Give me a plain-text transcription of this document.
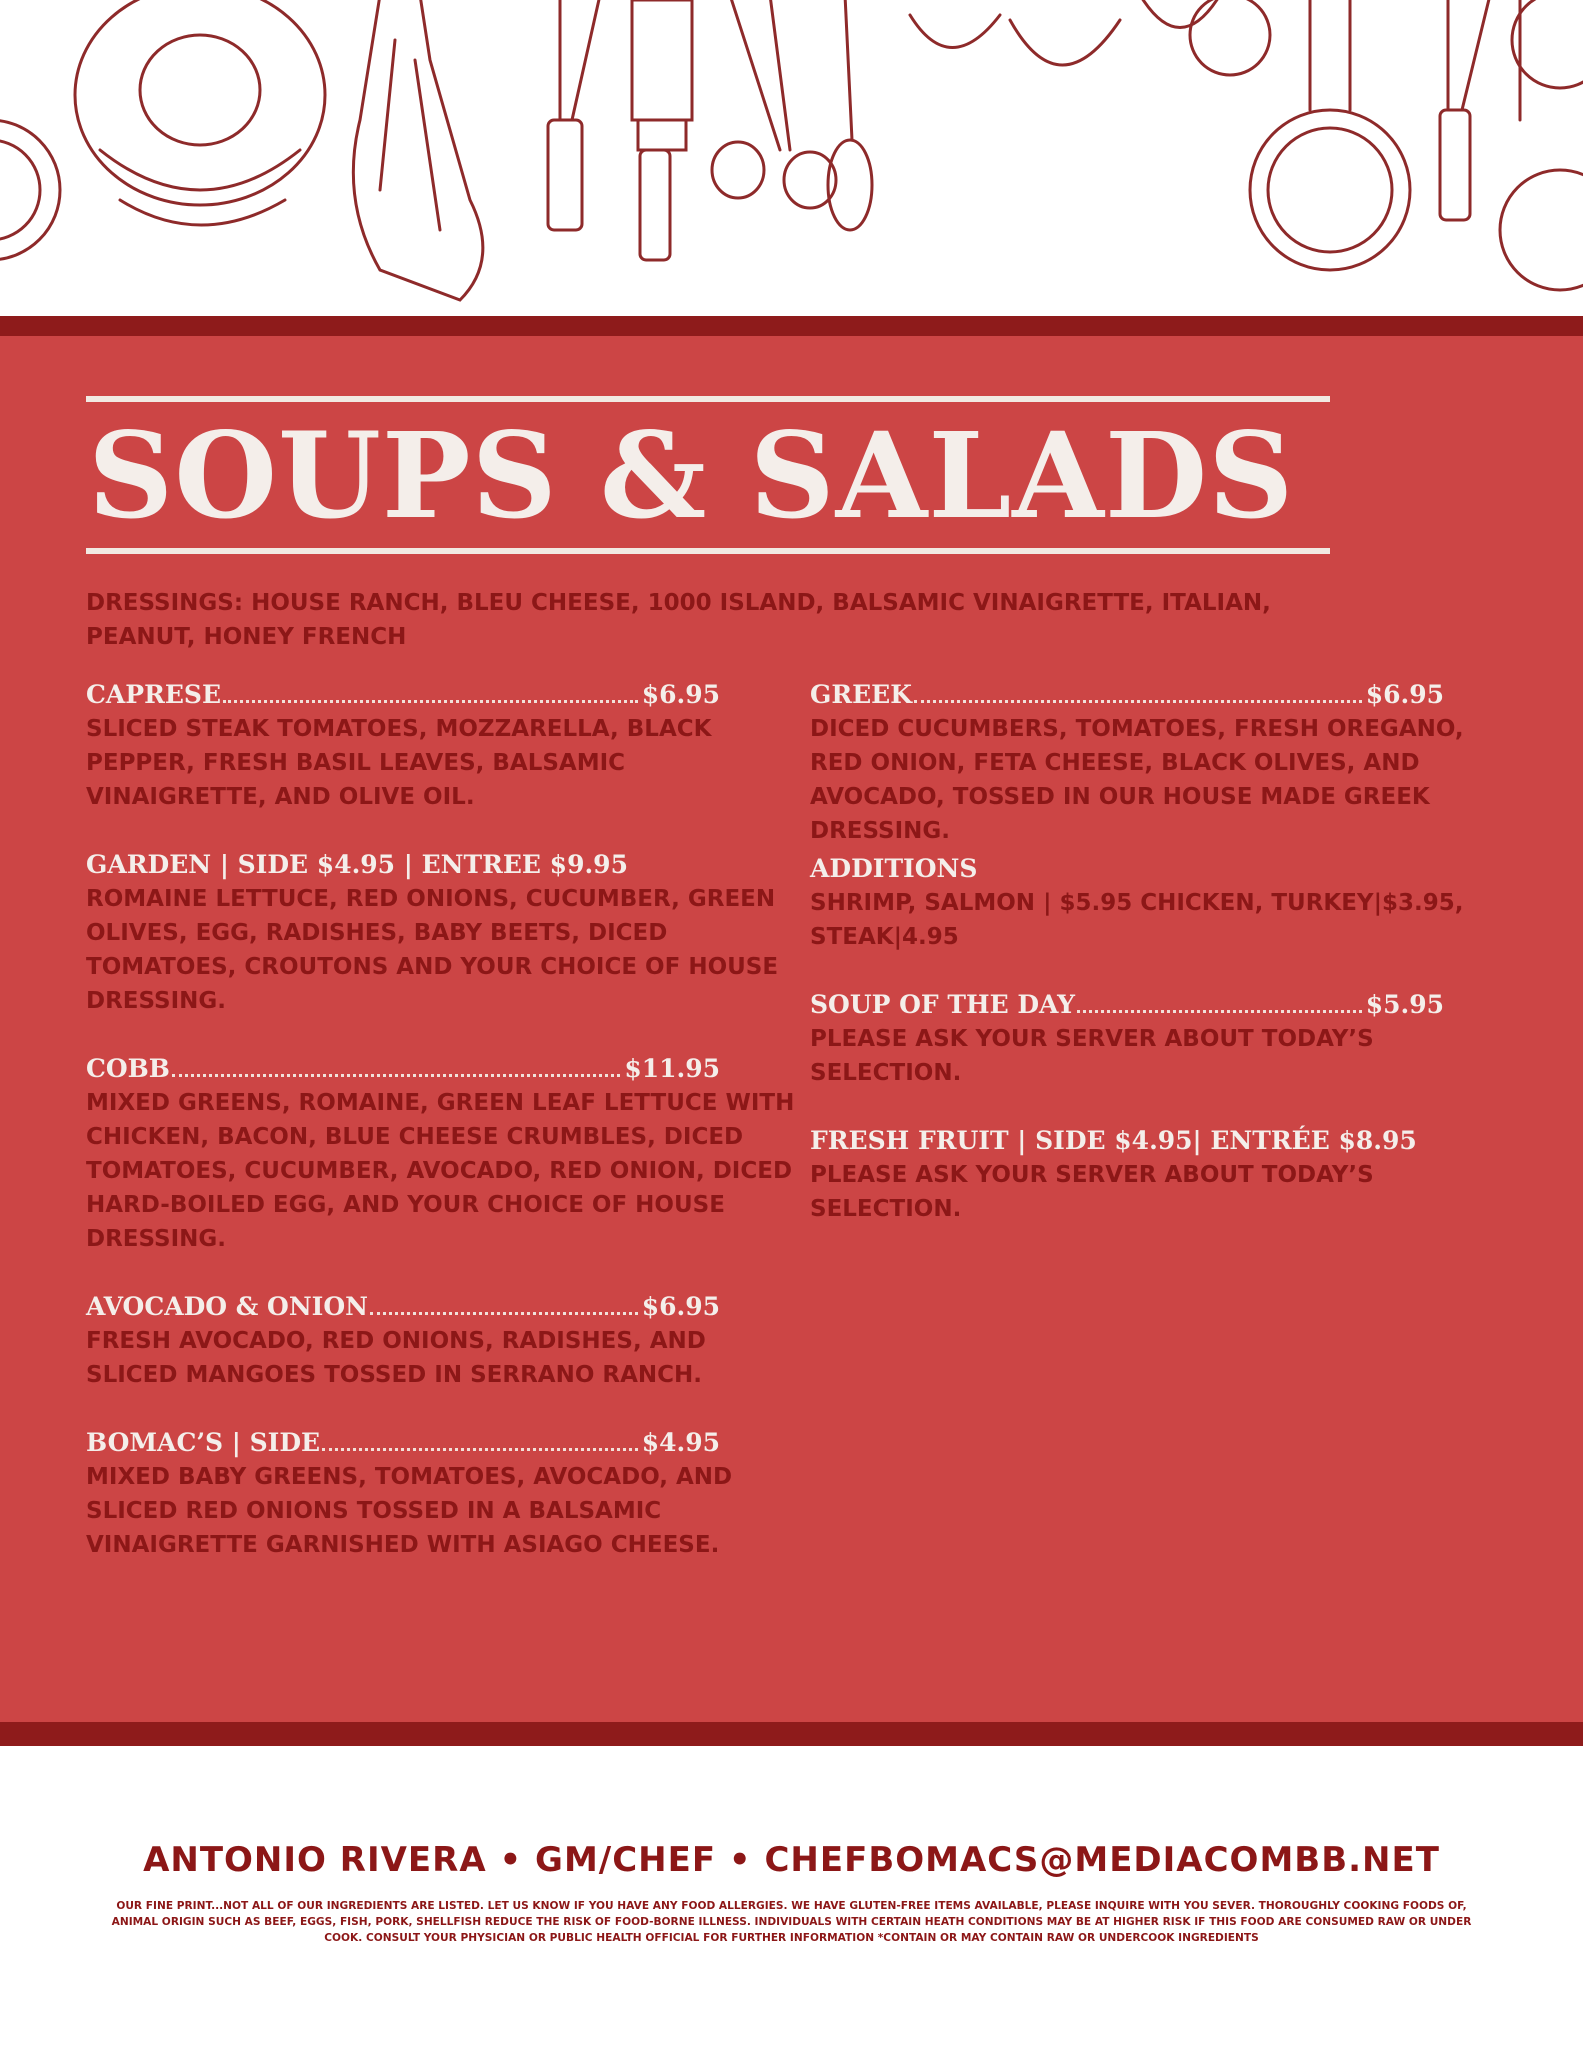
SOUPS & SALADS
DRESSINGS: HOUSE RANCH, BLEU CHEESE, 1000 ISLAND, BALSAMIC VINAIGRETTE, ITALIAN, PEANUT, HONEY FRENCH
CAPRESE	$6.95
SLICED STEAK TOMATOES, MOZZARELLA, BLACK PEPPER, FRESH BASIL LEAVES, BALSAMIC VINAIGRETTE, AND OLIVE OIL.
GARDEN | SIDE $4.95 | ENTREE $9.95
ROMAINE LETTUCE, RED ONIONS, CUCUMBER, GREEN OLIVES, EGG, RADISHES, BABY BEETS, DICED TOMATOES, CROUTONS AND YOUR CHOICE OF HOUSE DRESSING.
COBB	$11.95
MIXED GREENS, ROMAINE, GREEN LEAF LETTUCE WITH CHICKEN, BACON, BLUE CHEESE CRUMBLES, DICED TOMATOES, CUCUMBER, AVOCADO, RED ONION, DICED HARD-BOILED EGG, AND YOUR CHOICE OF HOUSE DRESSING.
AVOCADO & ONION	$6.95
FRESH AVOCADO, RED ONIONS, RADISHES, AND SLICED MANGOES TOSSED IN SERRANO RANCH.
BOMAC’S | SIDE	$4.95
MIXED BABY GREENS, TOMATOES, AVOCADO, AND SLICED RED ONIONS TOSSED IN A BALSAMIC VINAIGRETTE GARNISHED WITH ASIAGO CHEESE.
GREEK	$6.95
DICED CUCUMBERS, TOMATOES, FRESH OREGANO, RED ONION, FETA CHEESE, BLACK OLIVES, AND AVOCADO, TOSSED IN OUR HOUSE MADE GREEK DRESSING.
ADDITIONS
SHRIMP, SALMON | $5.95 CHICKEN, TURKEY|$3.95, STEAK|4.95
SOUP OF THE DAY	$5.95
PLEASE ASK YOUR SERVER ABOUT TODAY’S SELECTION.
FRESH FRUIT | SIDE $4.95| ENTRÉE $8.95
PLEASE ASK YOUR SERVER ABOUT TODAY’S SELECTION.
ANTONIO RIVERA • GM/CHEF • CHEFBOMACS@MEDIACOMBB.NET
OUR FINE PRINT...NOT ALL OF OUR INGREDIENTS ARE LISTED. LET US KNOW IF YOU HAVE ANY FOOD ALLERGIES. WE HAVE GLUTEN-FREE ITEMS AVAILABLE, PLEASE INQUIRE WITH YOU SEVER. THOROUGHLY COOKING FOODS OF, ANIMAL ORIGIN SUCH AS BEEF, EGGS, FISH, PORK, SHELLFISH REDUCE THE RISK OF FOOD-BORNE ILLNESS. INDIVIDUALS WITH CERTAIN HEATH CONDITIONS MAY BE AT HIGHER RISK IF THIS FOOD ARE CONSUMED RAW OR UNDER COOK. CONSULT YOUR PHYSICIAN OR PUBLIC HEALTH OFFICIAL FOR FURTHER INFORMATION *CONTAIN OR MAY CONTAIN RAW OR UNDERCOOK INGREDIENTS
